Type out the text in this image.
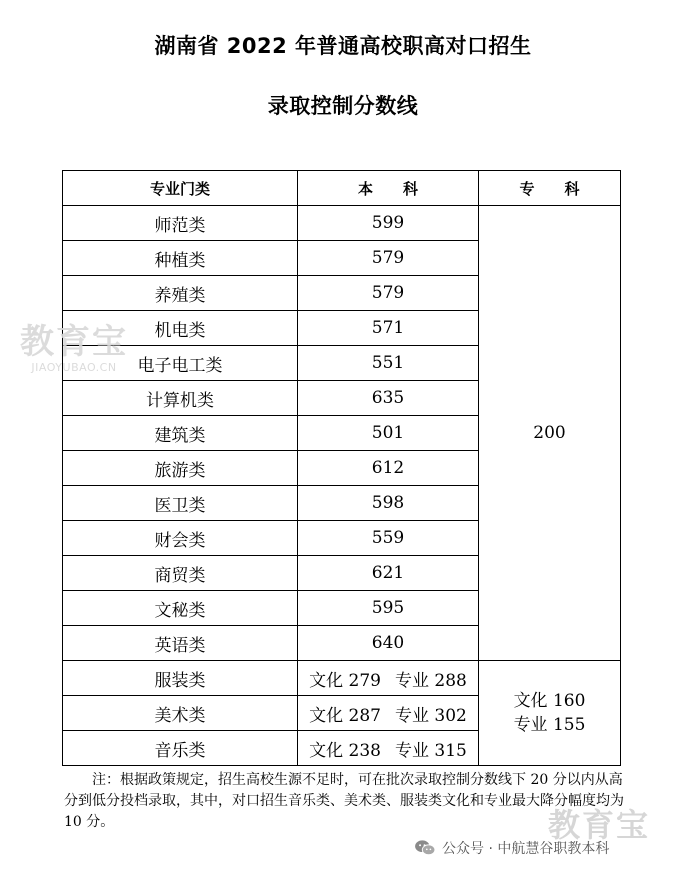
湖南省 2022 年普通高校职高对口招生
录取控制分数线
专业门类	本　　科	专　　科
师范类	599	200
种植类	579	
养殖类	579	
机电类	571	
电子电工类	551	
计算机类	635	
建筑类	501	
旅游类	612	
医卫类	598	
财会类	559	
商贸类	621	
文秘类	595	
英语类	640	
服装类	文化 279 专业 288	文化 160
专业 155

美术类	文化 287 专业 302	
音乐类	文化 238 专业 315	
教育宝
JIAOYUBAO.CN
注：根据政策规定，招生高校生源不足时，可在批次录取控制分数线下 20 分以内从高分到低分投档录取，其中，对口招生音乐类、美术类、服装类文化和专业最大降分幅度均为 10 分。	教育宝
公众号 · 中航慧谷职教本科
